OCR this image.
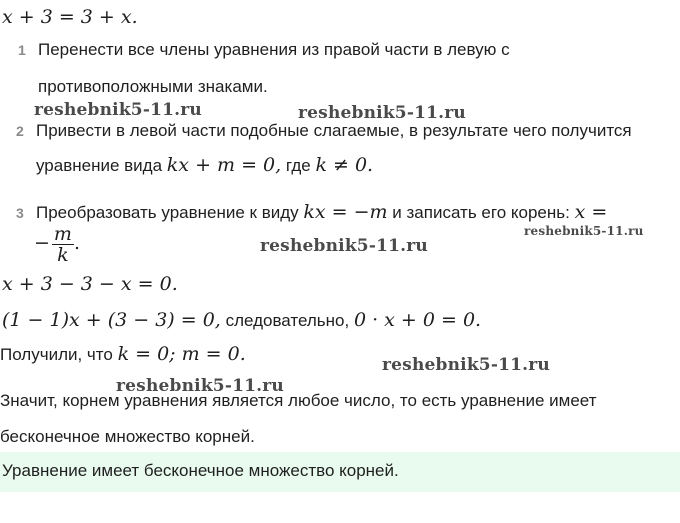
x + 3 = 3 + x.
1 Перенести все члены уравнения из правой части в левую с
противоположными знаками.
2 Привести в левой части подобные слагаемые, в результате чего получится
уравнение вида kx + m = 0, где k ≠ 0.
3 Преобразовать уравнение к виду kx = −m и записать его корень: x =
− $\frac{m}{k}$ .
x + 3 − 3 − x = 0.
(1 − 1)x + (3 − 3) = 0, следовательно, 0 · x + 0 = 0.
Получили, что k = 0; m = 0.
Значит, корнем уравнения является любое число, то есть уравнение имеет
бесконечное множество корней.
Уравнение имеет бесконечное множество корней.
reshebnik5-11.ru	reshebnik5-11.ru
reshebnik5-11.ru
reshebnik5-11.ru
reshebnik5-11.ru
reshebnik5-11.ru
